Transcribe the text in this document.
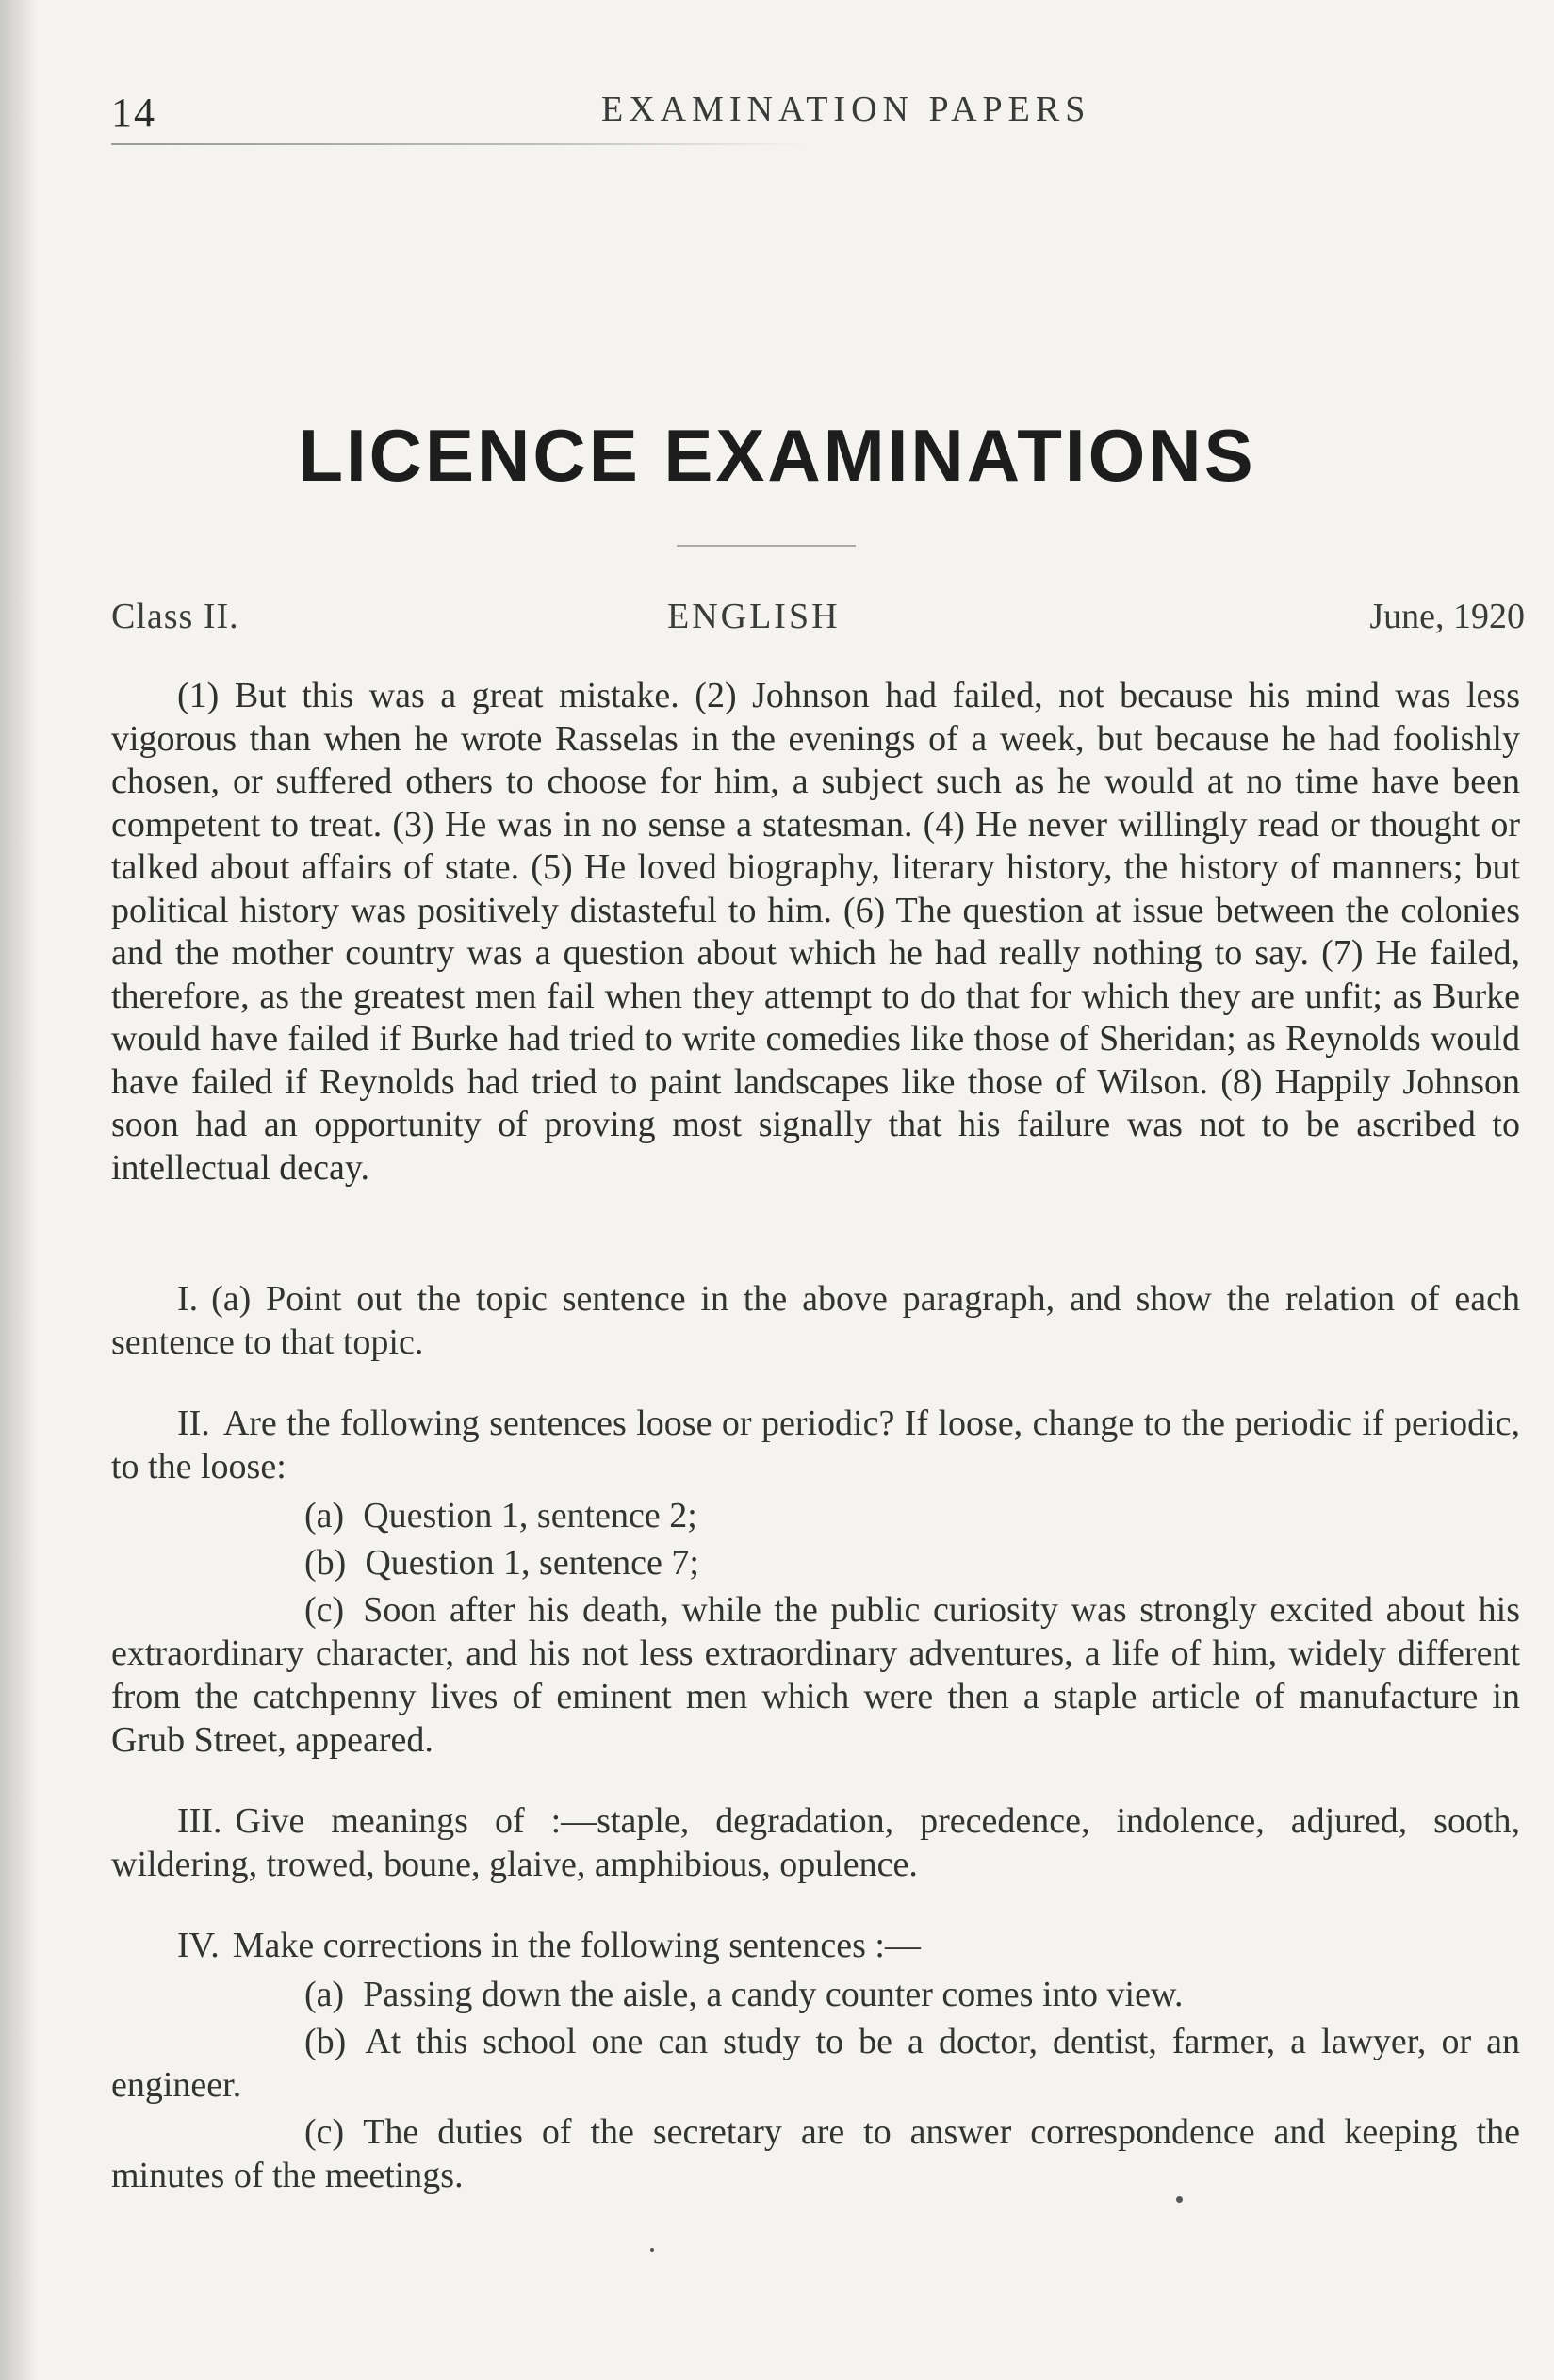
14	EXAMINATION PAPERS
LICENCE EXAMINATIONS
Class II.	ENGLISH	June, 1920

(1) But this was a great mistake. (2) Johnson had failed, not because his mind was less vigorous than when he wrote Rasselas in the evenings of a week, but because he had foolishly chosen, or suffered others to choose for him, a subject such as he would at no time have been competent to treat. (3) He was in no sense a statesman. (4) He never willingly read or thought or talked about affairs of state. (5) He loved biography, literary history, the history of manners; but political history was positively distasteful to him. (6) The question at issue between the colonies and the mother country was a question about which he had really nothing to say. (7) He failed, therefore, as the greatest men fail when they attempt to do that for which they are unfit; as Burke would have failed if Burke had tried to write comedies like those of Sheridan; as Reynolds would have failed if Reynolds had tried to paint landscapes like those of Wilson. (8) Happily Johnson soon had an opportunity of proving most signally that his failure was not to be ascribed to intellectual decay.

I. (a) Point out the topic sentence in the above paragraph, and show the relation of each sentence to that topic.

II. Are the following sentences loose or periodic? If loose, change to the periodic if periodic, to the loose:

(a) Question 1, sentence 2;

(b) Question 1, sentence 7;

(c) Soon after his death, while the public curiosity was strongly excited about his extraordinary character, and his not less extraordinary adventures, a life of him, widely different from the catchpenny lives of eminent men which were then a staple article of manufacture in Grub Street, appeared.

III. Give meanings of :—staple, degradation, precedence, indolence, adjured, sooth, wildering, trowed, boune, glaive, amphibious, opulence.

IV. Make corrections in the following sentences :—

(a) Passing down the aisle, a candy counter comes into view.

(b) At this school one can study to be a doctor, dentist, farmer, a lawyer, or an engineer.

(c) The duties of the secretary are to answer correspondence and keeping the minutes of the meetings.
